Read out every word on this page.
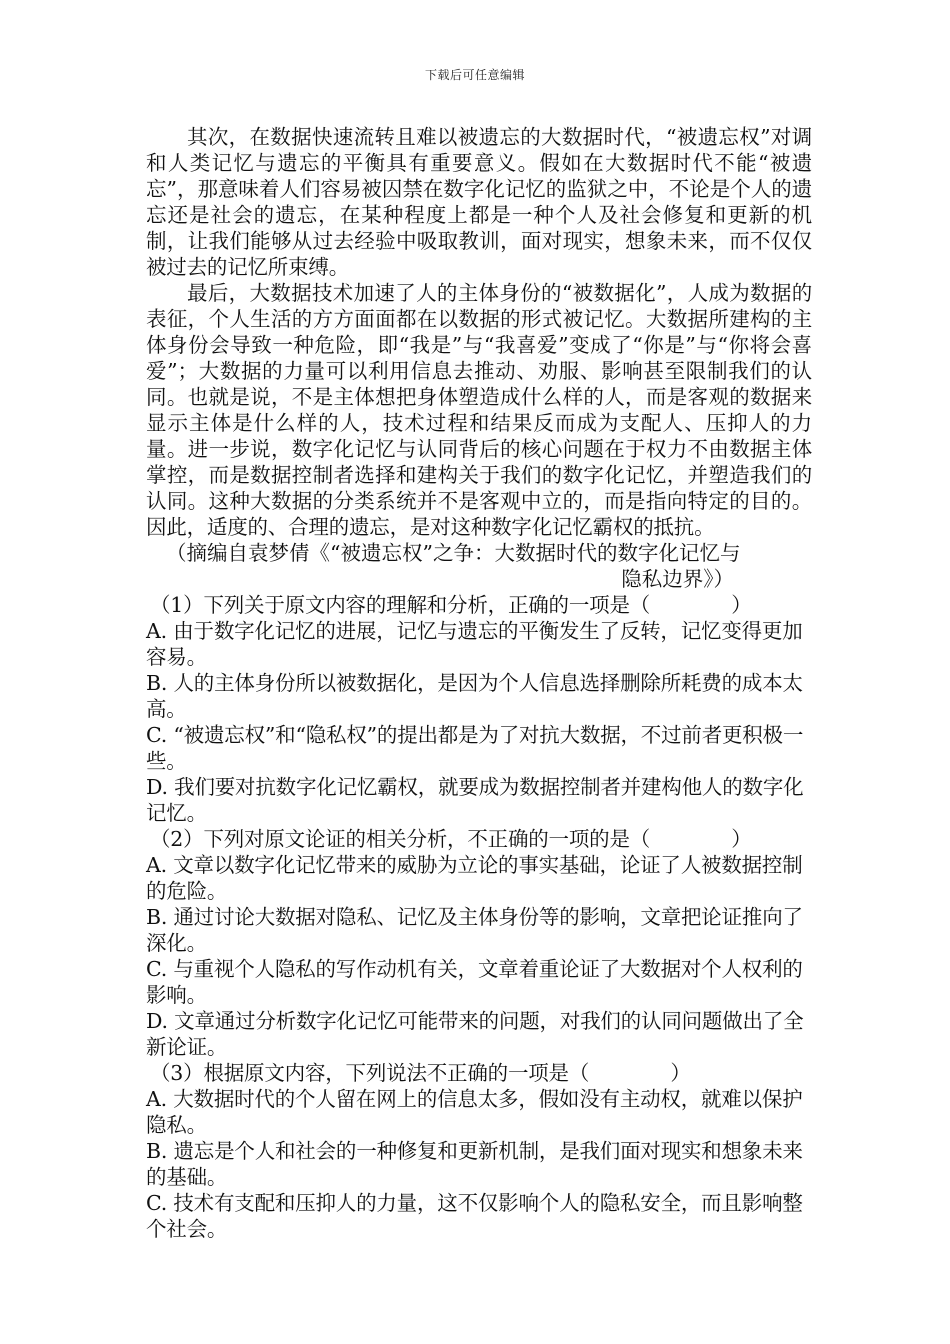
下载后可任意编辑

其次，在数据快速流转且难以被遗忘的大数据时代，“被遗忘权”对调和人类记忆与遗忘的平衡具有重要意义。假如在大数据时代不能“被遗忘”，那意味着人们容易被囚禁在数字化记忆的监狱之中，不论是个人的遗忘还是社会的遗忘，在某种程度上都是一种个人及社会修复和更新的机制，让我们能够从过去经验中吸取教训，面对现实，想象未来，而不仅仅被过去的记忆所束缚。

最后，大数据技术加速了人的主体身份的“被数据化”，人成为数据的表征，个人生活的方方面面都在以数据的形式被记忆。大数据所建构的主体身份会导致一种危险，即“我是”与“我喜爱”变成了“你是”与“你将会喜爱”；大数据的力量可以利用信息去推动、劝服、影响甚至限制我们的认同。也就是说，不是主体想把身体塑造成什么样的人，而是客观的数据来显示主体是什么样的人，技术过程和结果反而成为支配人、压抑人的力量。进一步说，数字化记忆与认同背后的核心问题在于权力不由数据主体掌控，而是数据控制者选择和建构关于我们的数字化记忆，并塑造我们的认同。这种大数据的分类系统并不是客观中立的，而是指向特定的目的。因此，适度的、合理的遗忘，是对这种数字化记忆霸权的抵抗。

（摘编自袁梦倩《“被遗忘权”之争：大数据时代的数字化记忆与

隐私边界》）

（1）下列关于原文内容的理解和分析，正确的一项是（　　　　）

A. 由于数字化记忆的进展，记忆与遗忘的平衡发生了反转，记忆变得更加容易。

B. 人的主体身份所以被数据化，是因为个人信息选择删除所耗费的成本太高。

C. “被遗忘权”和“隐私权”的提出都是为了对抗大数据，不过前者更积极一些。

D. 我们要对抗数字化记忆霸权，就要成为数据控制者并建构他人的数字化记忆。

（2）下列对原文论证的相关分析，不正确的一项的是（　　　　）

A. 文章以数字化记忆带来的威胁为立论的事实基础，论证了人被数据控制的危险。

B. 通过讨论大数据对隐私、记忆及主体身份等的影响，文章把论证推向了深化。

C. 与重视个人隐私的写作动机有关，文章着重论证了大数据对个人权利的影响。

D. 文章通过分析数字化记忆可能带来的问题，对我们的认同问题做出了全新论证。

（3）根据原文内容，下列说法不正确的一项是（　　　　）

A. 大数据时代的个人留在网上的信息太多，假如没有主动权，就难以保护隐私。

B. 遗忘是个人和社会的一种修复和更新机制，是我们面对现实和想象未来的基础。

C. 技术有支配和压抑人的力量，这不仅影响个人的隐私安全，而且影响整个社会。
